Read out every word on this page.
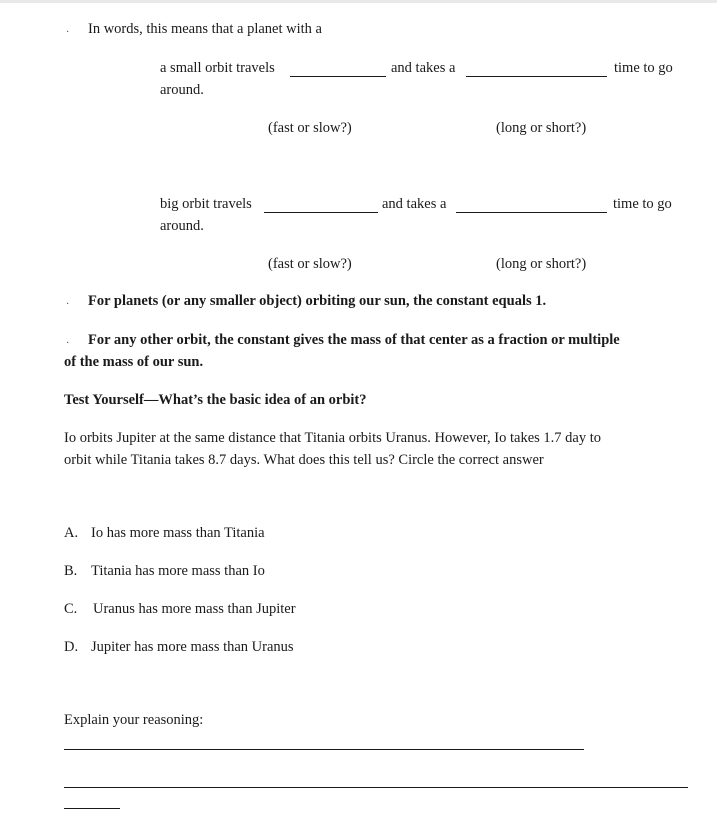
· In words, this means that a planet with a
a small orbit travels	and takes a	time to go
around.
(fast or slow?)	(long or short?)
big orbit travels	and takes a	time to go
around.
(fast or slow?)	(long or short?)
· For planets (or any smaller object) orbiting our sun, the constant equals 1.
· For any other orbit, the constant gives the mass of that center as a fraction or multiple
of the mass of our sun.
Test Yourself—What’s the basic idea of an orbit?
Io orbits Jupiter at the same distance that Titania orbits Uranus. However, Io takes 1.7 day to
orbit while Titania takes 8.7 days. What does this tell us? Circle the correct answer
A. Io has more mass than Titania
B. Titania has more mass than Io
C. Uranus has more mass than Jupiter
D. Jupiter has more mass than Uranus
Explain your reasoning:
